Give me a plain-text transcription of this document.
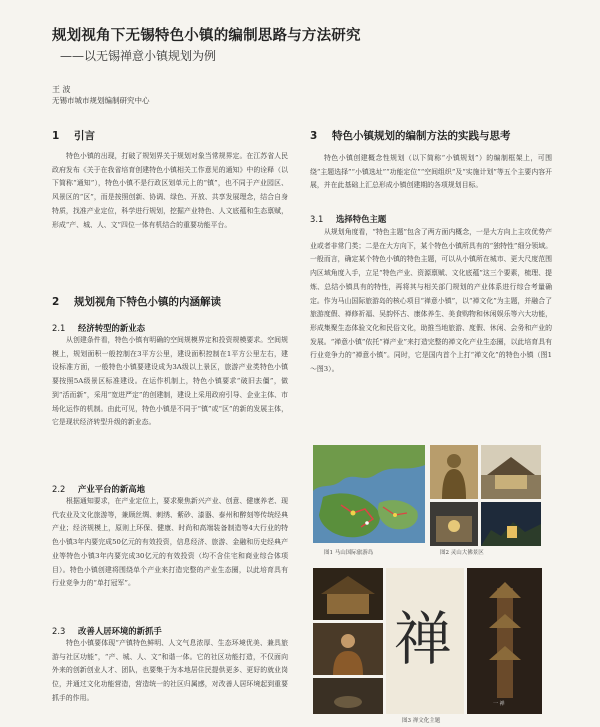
规划视角下无锡特色小镇的编制思路与方法研究
——以无锡禅意小镇规划为例
王 波
无锡市城市规划编制研究中心
1 引言
特色小镇的出现，打破了规划界关于规划对象当常规界定。在江苏省人民政府发布《关于在我省培育创建特色小镇相关工作意见的通知》中的诠释（以下简称“通知”），特色小镇不是行政区划单元上的“镇”，也不同于产业园区、风景区的“区”，而是按照创新、协调、绿色、开放、共享发展理念，结合自身特质，找准产业定位，科学进行规划，挖掘产业特色、人文底蕴和生态禀赋，形成“产、城、人、文”四位一体有机结合的重要功能平台。
2 规划视角下特色小镇的内涵解读
2.1 经济转型的新业态
从创建条件看，特色小镇有明确的空间规模界定和投资规模要求。空间规模上，规划面积一般控制在3平方公里，建设面积控制在1平方公里左右，建设标准方面，一般特色小镇要建设成为3A级以上景区，旅游产业类特色小镇要按照5A级景区标准建设。在运作机制上，特色小镇要求“破旧去僵”，做到“活而新”，采用“宽进严定”的创建制，建设上采用政府引导、企业主体、市场化运作的机制。由此可见，特色小镇是不同于“镇”或“区”的新的发展主体，它是现状经济转型升级的新业态。
2.2 产业平台的新高地
根据通知要求，在产业定位上，要求聚焦新兴产业、创意、健康养老、现代农业及文化旅游等，兼顾丝绸、刺绣、紫砂、漆器、泰州和醉刻等传统经典产业；经济规模上，原则上环保、健康、时尚和高端装备制造等4大行业的特色小镇3年内要完成50亿元的有效投资，信息经济、旅游、金融和历史经典产业等特色小镇3年内要完成30亿元的有效投资（均不含住宅和商业综合体项目）。特色小镇创建将围绕单个产业来打造完整的产业生态圈，以此培育具有行业竞争力的“单打冠军”。
2.3 改善人居环境的新抓手
特色小镇要体现“产镇特色鲜明、人文气息浓厚、生态环境优美、兼具旅游与社区功能”，“产、城、人、文”和谐一体。它的社区功能打造，不仅面向外来的创新创业人才、团队，也要集于为本地居住民提供更多、更好的就业岗位，并通过文化功能营造，营造统一的社区归属感，对改善人居环境起到重要抓手的作用。
3 特色小镇规划的编制方法的实践与思考
特色小镇创建概念性规划（以下简称“小镇规划”）的编制框架上，可围绕“主题选择”“小镇选址”“功能定位”“空间组织”及“实施计划”等五个主要内容开展，并在此基础上汇总形成小镇创建期的各项规划目标。
3.1 选择特色主题
从规划角度看，“特色主题”包含了两方面内概念，一是大方向上主攻优势产业或者非常门类；二是在大方向下，某个特色小镇所具有的“独特性”细分领域。一般而言，确定某个特色小镇的特色主题，可以从小镇所在城市、更大尺度范围内区域角度入手，立足“特色产业、资源禀赋、文化底蕴”这三个要素，梳理、提炼、总结小镇具有的特性，再将其与相关部门规划的产业体系进行综合考量确定。作为马山国际旅游岛的核心项目“禅意小镇”，以“禅文化”为主题，并融合了旅游度假、禅修祈福、吴韵怀古、康体养生、美食购物和休闲娱乐等六大功能，形成集聚生态体验文化和民俗文化，助推当地旅游、度假、休闲、会务和产业的发展。“禅意小镇”依托“禅产业”来打造完整的禅文化产业生态圈，以此培育具有行业竞争力的“禅意小镇”。同时，它是国内首个上打“禅文化”的特色小镇（图1～图3）。
图1 马山国际旅游岛	图2 灵山大佛景区
禅
一 禅
图3 禅文化主题
